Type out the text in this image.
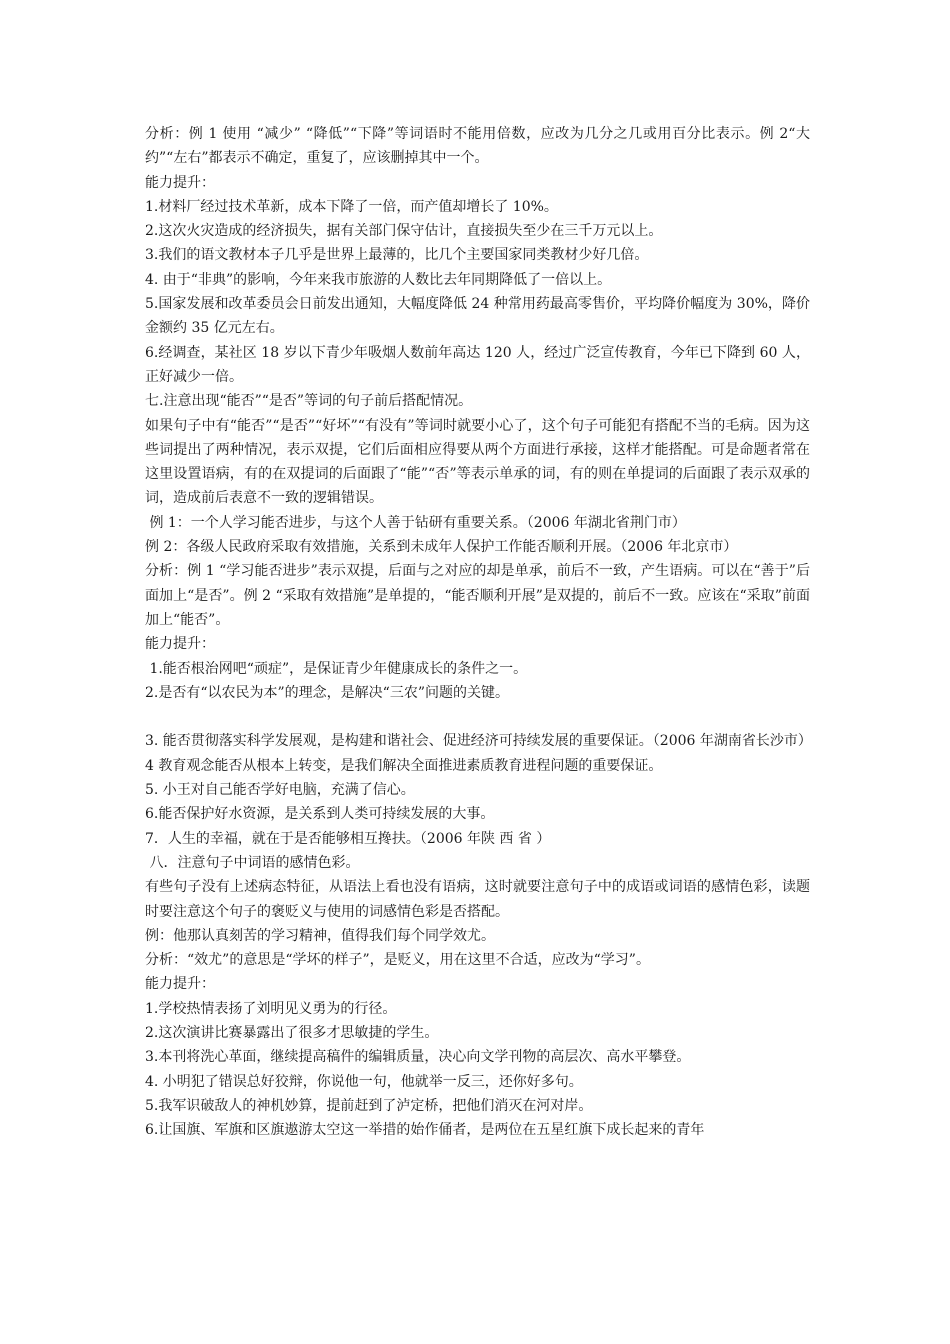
分析：例 1 使用 “减少” “降低”“下降”等词语时不能用倍数，应改为几分之几或用百分比表示。例 2“大约”“左右”都表示不确定，重复了，应该删掉其中一个。

能力提升：

1.材料厂经过技术革新，成本下降了一倍，而产值却增长了 10%。

2.这次火灾造成的经济损失，据有关部门保守估计，直接损失至少在三千万元以上。

3.我们的语文教材本子几乎是世界上最薄的，比几个主要国家同类教材少好几倍。

4. 由于“非典”的影响，今年来我市旅游的人数比去年同期降低了一倍以上。

5.国家发展和改革委员会日前发出通知，大幅度降低 24 种常用药最高零售价，平均降价幅度为 30%，降价金额约 35 亿元左右。

6.经调查，某社区 18 岁以下青少年吸烟人数前年高达 120 人，经过广泛宣传教育，今年已下降到 60 人，正好减少一倍。

七.注意出现“能否”“是否”等词的句子前后搭配情况。

如果句子中有“能否”“是否”“好坏”“有没有”等词时就要小心了，这个句子可能犯有搭配不当的毛病。因为这些词提出了两种情况，表示双提，它们后面相应得要从两个方面进行承接，这样才能搭配。可是命题者常在这里设置语病，有的在双提词的后面跟了“能”“否”等表示单承的词，有的则在单提词的后面跟了表示双承的词，造成前后表意不一致的逻辑错误。

例 1：一个人学习能否进步，与这个人善于钻研有重要关系。（2006 年湖北省荆门市）

例 2：各级人民政府采取有效措施，关系到未成年人保护工作能否顺利开展。（2006 年北京市）

分析：例 1 “学习能否进步”表示双提，后面与之对应的却是单承，前后不一致，产生语病。可以在“善于”后面加上“是否”。例 2 “采取有效措施”是单提的，“能否顺利开展”是双提的，前后不一致。应该在“采取”前面加上“能否”。

能力提升：

1.能否根治网吧“顽症”，是保证青少年健康成长的条件之一。

2.是否有“以农民为本”的理念，是解决“三农”问题的关键。

3. 能否贯彻落实科学发展观，是构建和谐社会、促进经济可持续发展的重要保证。（2006 年湖南省长沙市）

4 教育观念能否从根本上转变，是我们解决全面推进素质教育进程问题的重要保证。

5. 小王对自己能否学好电脑，充满了信心。

6.能否保护好水资源，是关系到人类可持续发展的大事。

7．人生的幸福，就在于是否能够相互搀扶。（2006 年陕 西 省 ）

八．注意句子中词语的感情色彩。

有些句子没有上述病态特征，从语法上看也没有语病，这时就要注意句子中的成语或词语的感情色彩，读题时要注意这个句子的褒贬义与使用的词感情色彩是否搭配。

例：他那认真刻苦的学习精神，值得我们每个同学效尤。

分析：“效尤”的意思是“学坏的样子”，是贬义，用在这里不合适，应改为“学习”。

能力提升：

1.学校热情表扬了刘明见义勇为的行径。

2.这次演讲比赛暴露出了很多才思敏捷的学生。

3.本刊将洗心革面，继续提高稿件的编辑质量，决心向文学刊物的高层次、高水平攀登。

4. 小明犯了错误总好狡辩，你说他一句，他就举一反三，还你好多句。

5.我军识破敌人的神机妙算，提前赶到了泸定桥，把他们消灭在河对岸。

6.让国旗、军旗和区旗遨游太空这一举措的始作俑者，是两位在五星红旗下成长起来的青年
